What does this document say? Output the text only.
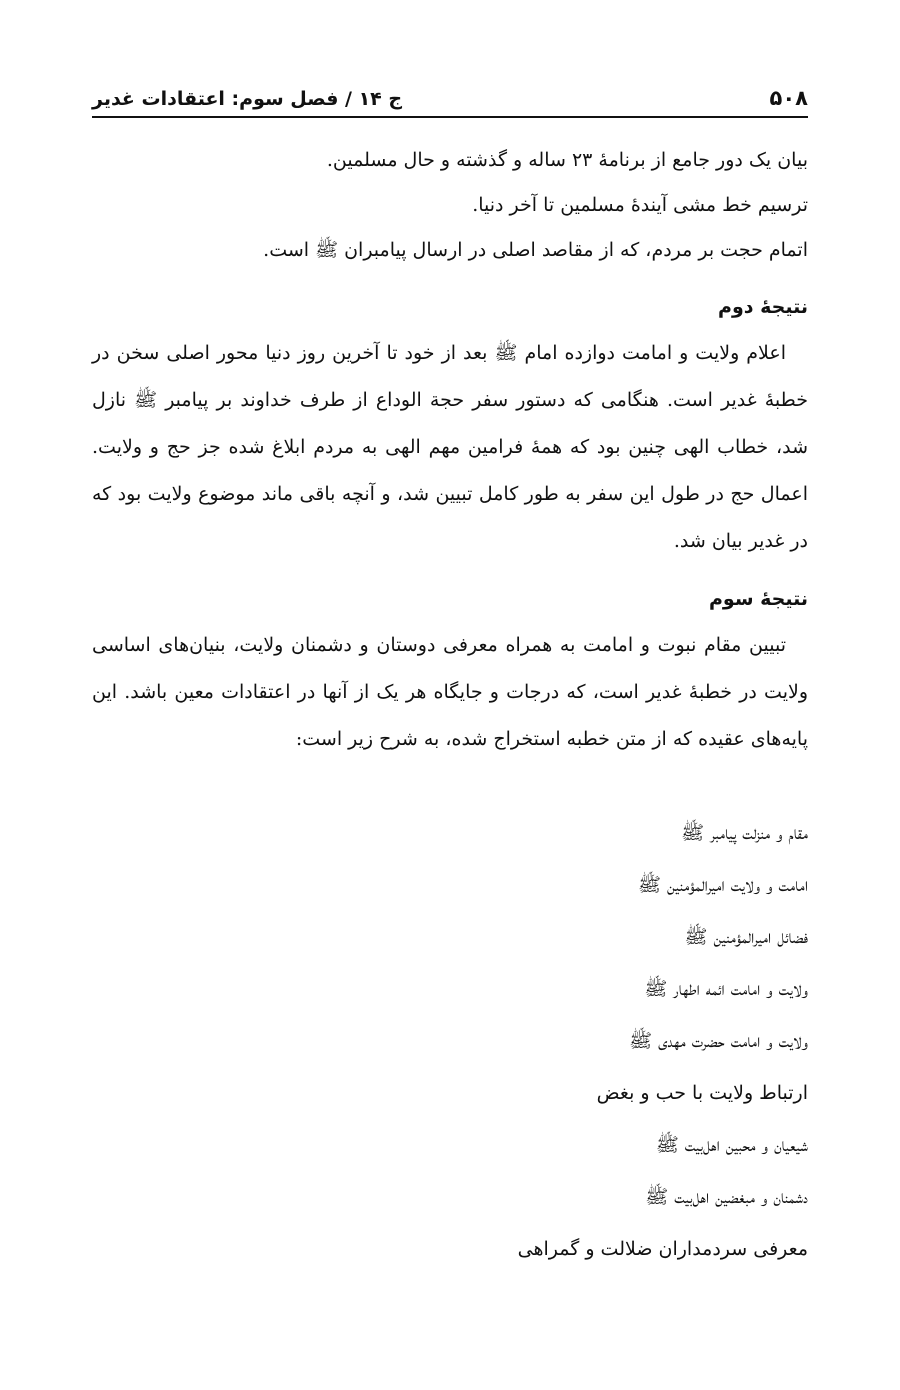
۵۰۸
ج ۱۴ / فصل سوم: اعتقادات غدیر
بیان یک دور جامع از برنامۀ ۲۳ ساله و گذشته و حال مسلمین.
ترسیم خط مشی آیندۀ مسلمین تا آخر دنیا.
اتمام حجت بر مردم، که از مقاصد اصلی در ارسال پیامبران ﷺ است.
نتیجۀ دوم

اعلام ولایت و امامت دوازده امام ﷺ بعد از خود تا آخرین روز دنیا محور اصلی سخن در خطبۀ غدیر است. هنگامی که دستور سفر حجة الوداع از طرف خداوند بر پیامبر ﷺ نازل شد، خطاب الهی چنین بود که همۀ فرامین مهم الهی به مردم ابلاغ شده جز حج و ولایت. اعمال حج در طول این سفر به طور کامل تبیین شد، و آنچه باقی ماند موضوع ولایت بود که در غدیر بیان شد.

نتیجۀ سوم

تبیین مقام نبوت و امامت به همراه معرفی دوستان و دشمنان ولایت، بنیان‌های اساسی ولایت در خطبۀ غدیر است، که درجات و جایگاه هر یک از آنها در اعتقادات معین باشد. این پایه‌های عقیده که از متن خطبه استخراج شده، به شرح زیر است:

مقام و منزلت پیامبر ﷺ
امامت و ولایت امیرالمؤمنین ﷺ
فضائل امیرالمؤمنین ﷺ
ولایت و امامت ائمه اطهار ﷺ
ولایت و امامت حضرت مهدی ﷺ
ارتباط ولایت با حب و بغض
شیعیان و محبین اهل‌بیت ﷺ
دشمنان و مبغضین اهل‌بیت ﷺ
معرفی سردمداران ضلالت و گمراهی
